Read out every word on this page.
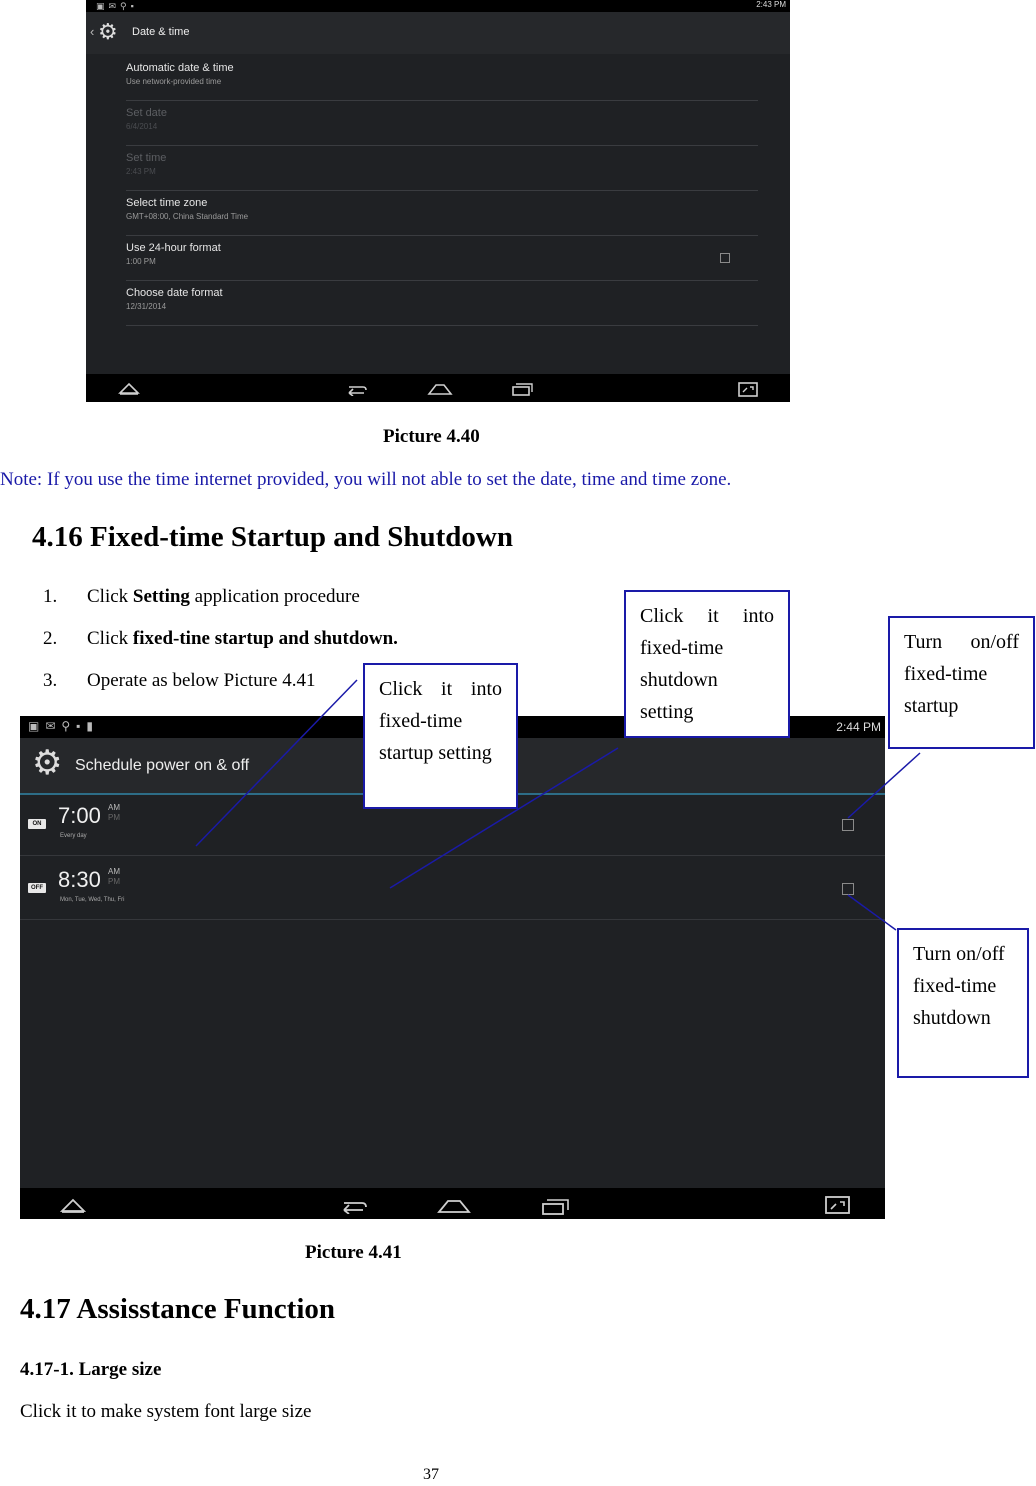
▣✉⚲▪	2:43 PM
‹ ⚙ Date & time
Automatic date & time
Use network-provided time
Set date
6/4/2014
Set time
2:43 PM
Select time zone
GMT+08:00, China Standard Time
Use 24-hour format
1:00 PM
Choose date format
12/31/2014
Picture 4.40
Note: If you use the time internet provided, you will not able to set the date, time and time zone.
4.16 Fixed-time Startup and Shutdown
1. Click Setting application procedure
2. Click fixed-tine startup and shutdown.
3. Operate as below Picture 4.41
▣✉⚲▪▮	2:44 PM
⚙ Schedule power on & off
ON 7:00 AM
PM
Every day
OFF 8:30 AM
PM
Mon, Tue, Wed, Thu, Fri
Click it into fixed-time startup setting
Click it into fixed-time shutdown setting
Turn on/off fixed-time startup
Turn on/off fixed-time shutdown
Picture 4.41
4.17 Assisstance Function
4.17-1. Large size
Click it to make system font large size
37
